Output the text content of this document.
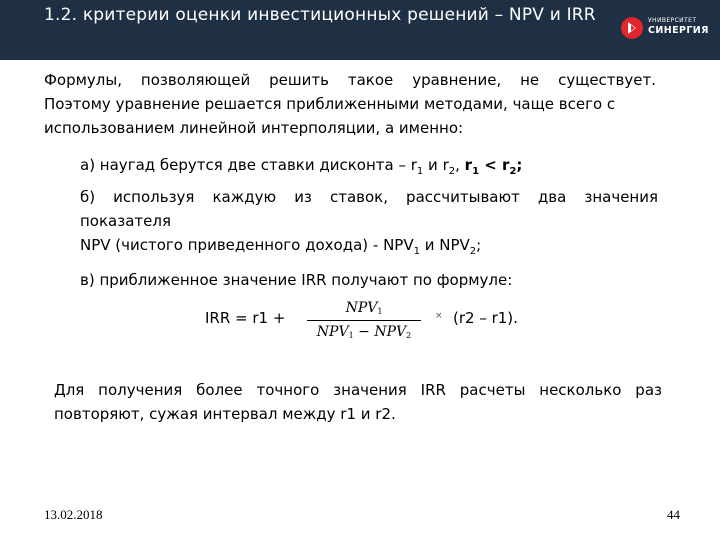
1.2. критерии оценки инвестиционных решений – NPV и IRR	УНИВЕРСИТЕТ
СИНЕРГИЯ
Формулы, позволяющей решить такое уравнение, не существует.
Поэтому уравнение решается приближенными методами, чаще всего с
использованием линейной интерполяции, а именно:
а) наугад берутся две ставки дисконта – $r_1$ и $r_2$, $r_1 < r_2$;
б) используя каждую из ставок, рассчитывают два значения
показателя
NPV (чистого приведенного дохода) - $NPV_1$ и $NPV_2$;
в) приближенное значение IRR получают по формуле:
IRR = r1 +
NPV1
NPV1 − NPV2
× (r2 – r1).
Для получения более точного значения IRR расчеты несколько раз
повторяют, сужая интервал между r1 и r2.
13.02.2018	44
